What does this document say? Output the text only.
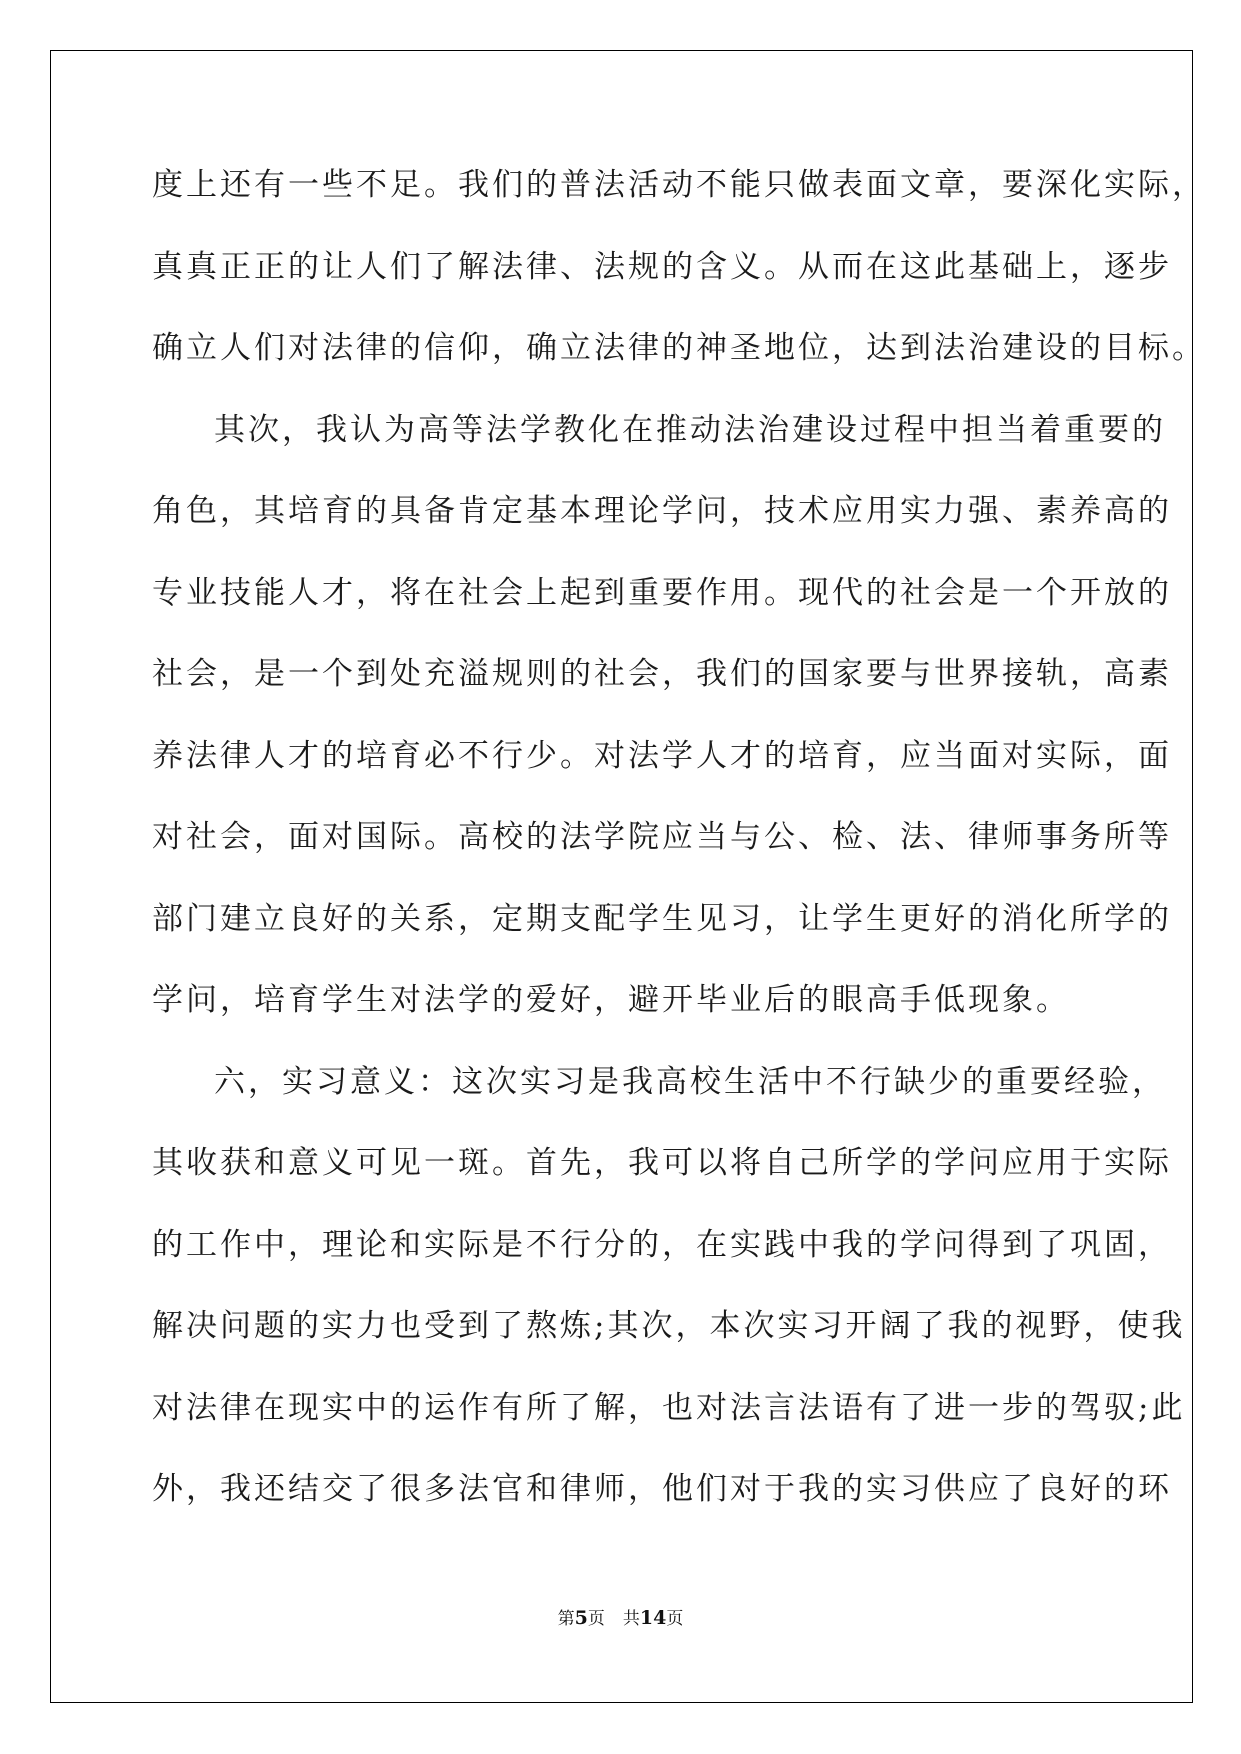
度上还有一些不足。我们的普法活动不能只做表面文章，要深化实际，
真真正正的让人们了解法律、法规的含义。从而在这此基础上，逐步
确立人们对法律的信仰，确立法律的神圣地位，达到法治建设的目标。
其次，我认为高等法学教化在推动法治建设过程中担当着重要的
角色，其培育的具备肯定基本理论学问，技术应用实力强、素养高的
专业技能人才，将在社会上起到重要作用。现代的社会是一个开放的
社会，是一个到处充溢规则的社会，我们的国家要与世界接轨，高素
养法律人才的培育必不行少。对法学人才的培育，应当面对实际，面
对社会，面对国际。高校的法学院应当与公、检、法、律师事务所等
部门建立良好的关系，定期支配学生见习，让学生更好的消化所学的
学问，培育学生对法学的爱好，避开毕业后的眼高手低现象。
六，实习意义：这次实习是我高校生活中不行缺少的重要经验，
其收获和意义可见一斑。首先，我可以将自己所学的学问应用于实际
的工作中，理论和实际是不行分的，在实践中我的学问得到了巩固，
解决问题的实力也受到了熬炼;其次，本次实习开阔了我的视野，使我
对法律在现实中的运作有所了解，也对法言法语有了进一步的驾驭;此
外，我还结交了很多法官和律师，他们对于我的实习供应了良好的环
第5页 共14页
